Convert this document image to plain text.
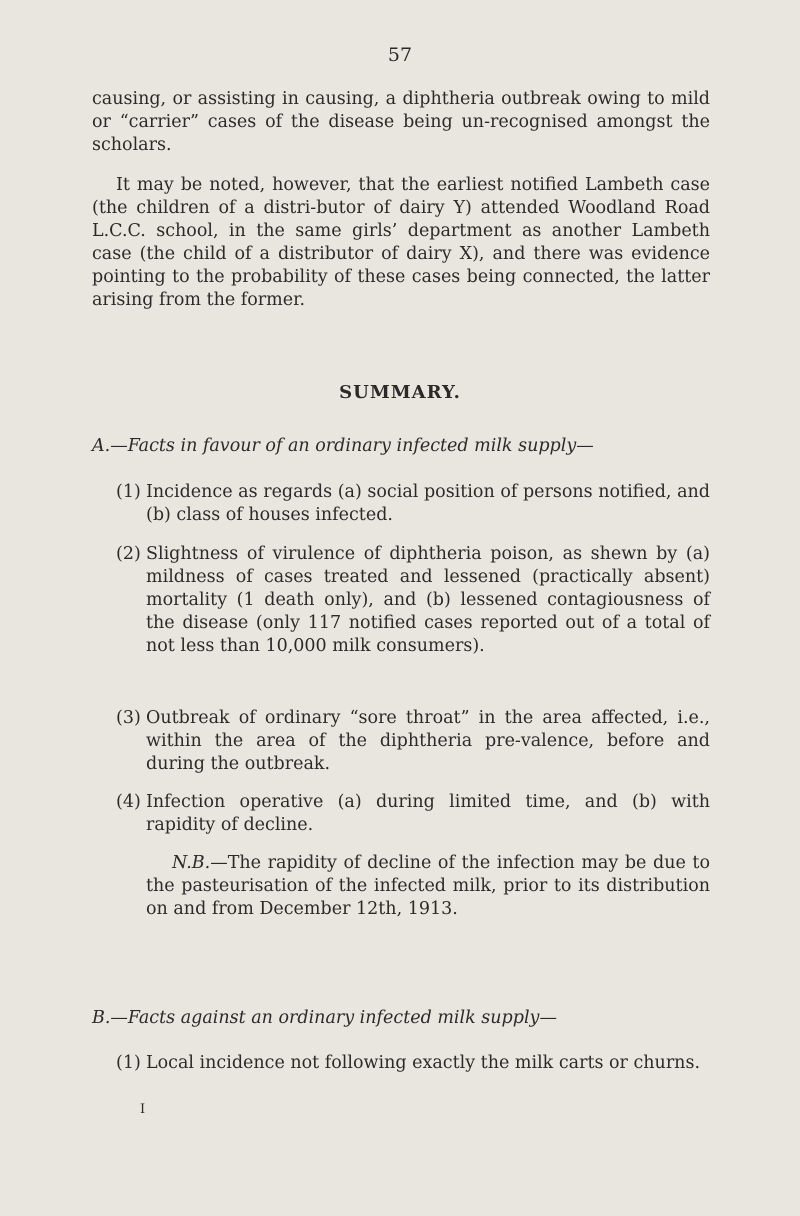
57

causing, or assisting in causing, a diphtheria outbreak owing to mild or “carrier” cases of the disease being un-recognised amongst the scholars.

It may be noted, however, that the earliest notified Lambeth case (the children of a distri-butor of dairy Y) attended Woodland Road L.C.C. school, in the same girls’ department as another Lambeth case (the child of a distributor of dairy X), and there was evidence pointing to the probability of these cases being connected, the latter arising from the former.

SUMMARY.

A.—Facts in favour of an ordinary infected milk supply—

(1) Incidence as regards (a) social position of persons notified, and (b) class of houses infected.
(2) Slightness of virulence of diphtheria poison, as shewn by (a) mildness of cases treated and lessened (practically absent) mortality (1 death only), and (b) lessened contagiousness of the disease (only 117 notified cases reported out of a total of not less than 10,000 milk consumers).
(3) Outbreak of ordinary “sore throat” in the area affected, i.e., within the area of the diphtheria pre-valence, before and during the outbreak.
(4) Infection operative (a) during limited time, and (b) with rapidity of decline.

N.B.—The rapidity of decline of the infection may be due to the pasteurisation of the infected milk, prior to its distribution on and from December 12th, 1913.

B.—Facts against an ordinary infected milk supply—

(1) Local incidence not following exactly the milk carts or churns.
I
